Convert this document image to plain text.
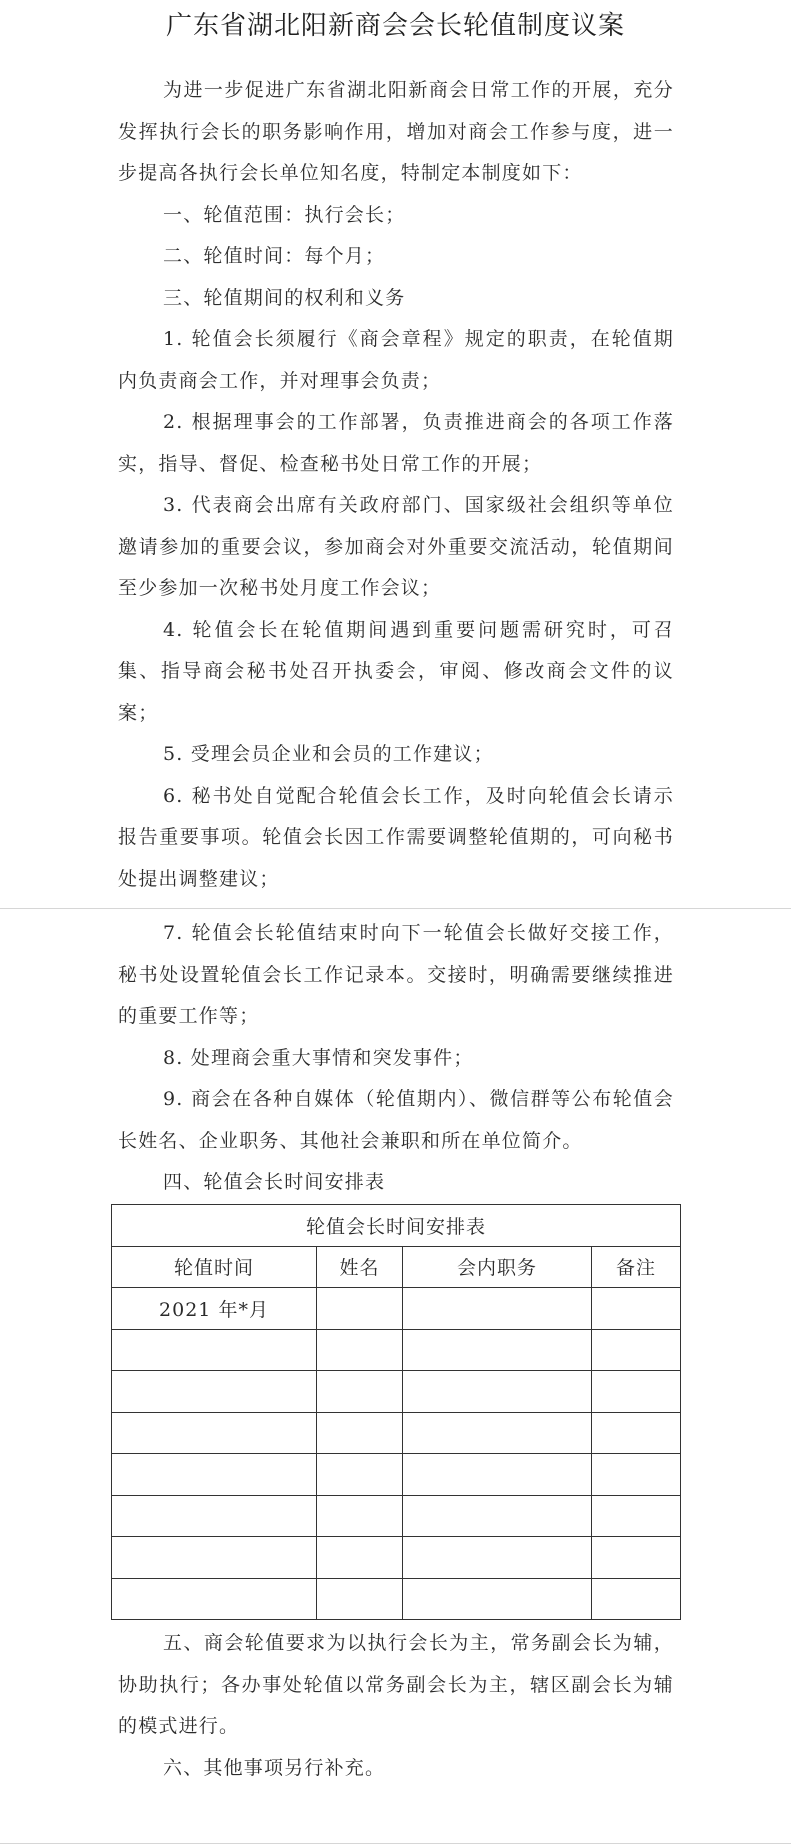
广东省湖北阳新商会会长轮值制度议案

为进一步促进广东省湖北阳新商会日常工作的开展，充分发挥执行会长的职务影响作用，增加对商会工作参与度，进一步提高各执行会长单位知名度，特制定本制度如下：

一、轮值范围：执行会长；

二、轮值时间：每个月；

三、轮值期间的权利和义务

1. 轮值会长须履行《商会章程》规定的职责，在轮值期内负责商会工作，并对理事会负责；

2. 根据理事会的工作部署，负责推进商会的各项工作落实，指导、督促、检查秘书处日常工作的开展；

3. 代表商会出席有关政府部门、国家级社会组织等单位邀请参加的重要会议，参加商会对外重要交流活动，轮值期间至少参加一次秘书处月度工作会议；

4. 轮值会长在轮值期间遇到重要问题需研究时，可召集、指导商会秘书处召开执委会，审阅、修改商会文件的议案；

5. 受理会员企业和会员的工作建议；

6. 秘书处自觉配合轮值会长工作，及时向轮值会长请示报告重要事项。轮值会长因工作需要调整轮值期的，可向秘书处提出调整建议；

7. 轮值会长轮值结束时向下一轮值会长做好交接工作，秘书处设置轮值会长工作记录本。交接时，明确需要继续推进的重要工作等；

8. 处理商会重大事情和突发事件；

9. 商会在各种自媒体（轮值期内）、微信群等公布轮值会长姓名、企业职务、其他社会兼职和所在单位简介。

四、轮值会长时间安排表

轮值会长时间安排表			
轮值时间	姓名	会内职务	备注
2021 年*月			

五、商会轮值要求为以执行会长为主，常务副会长为辅，协助执行；各办事处轮值以常务副会长为主，辖区副会长为辅的模式进行。

六、其他事项另行补充。
